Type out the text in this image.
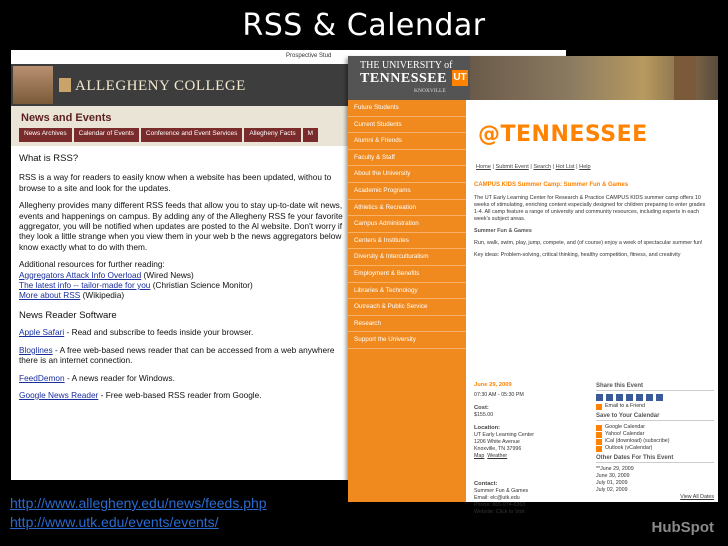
RSS & Calendar
Prospective Stud
ALLEGHENY COLLEGE
News and Events
News Archives	Calendar of Events	Conference and Event Services	Allegheny Facts	M
What is RSS?

RSS is a way for readers to easily know when a website has been updated, withou to browse to a site and look for the updates.

Allegheny provides many different RSS feeds that allow you to stay up-to-date wit news, events and happenings on campus. By adding any of the Allegheny RSS fe your favorite aggregator, you will be notified when updates are posted to the Al website. Don't worry if they look a little strange when you view them in your web b the news aggregators below know exactly what to do with them.

Additional resources for further reading:

Aggregators Attack Info Overload (Wired News)
The latest info -- tailor-made for you (Christian Science Monitor)
More about RSS (Wikipedia)
News Reader Software

Apple Safari - Read and subscribe to feeds inside your browser.

Bloglines - A free web-based news reader that can be accessed from a web anywhere there is an internet connection.

FeedDemon - A news reader for Windows.

Google News Reader - Free web-based RSS reader from Google.

THE UNIVERSITY of
TENNESSEE UT
KNOXVILLE
Future Students
Current Students
Alumni & Friends
Faculty & Staff
About the University
Academic Programs
Athletics & Recreation
Campus Administration
Centers & Institutes
Diversity & Interculturalism
Employment & Benefits
Libraries & Technology
Outreach & Public Service
Research
Support the University
@TENNESSEE
Home | Submit Event | Search | Hot List | Help
CAMPUS KIDS Summer Camp: Summer Fun & Games

The UT Early Learning Center for Research & Practice CAMPUS KIDS summer camp offers 10 weeks of stimulating, enriching content especially designed for children preparing to enter grades 1-4. All camp feature a range of university and community resources, including experts in each week's subject areas.

Summer Fun & Games

Run, walk, swim, play, jump, compete, and (of course) enjoy a week of spectacular summer fun!

Key ideas: Problem-solving, critical thinking, healthy competition, fitness, and creativity

June 29, 2009
07:30 AM - 05:30 PM
Cost:
$155.00
Location:
UT Early Learning Center
1206 White Avenue
Knoxville, TN 37996
Map Weather
Contact:
Summer Fun & Games
Email: elc@utk.edu
Phone: 865-974-0363
Website: Click to Visit
Share this Event
Email to a Friend
Save to Your Calendar
Google Calendar
Yahoo! Calendar
iCal (download) (subscribe)
Outlook (vCalendar)
Other Dates For This Event
**June 29, 2009
June 30, 2009
July 01, 2009
July 02, 2009
View All Dates
http://www.allegheny.edu/news/feeds.php
http://www.utk.edu/events/events/	HubSpot
